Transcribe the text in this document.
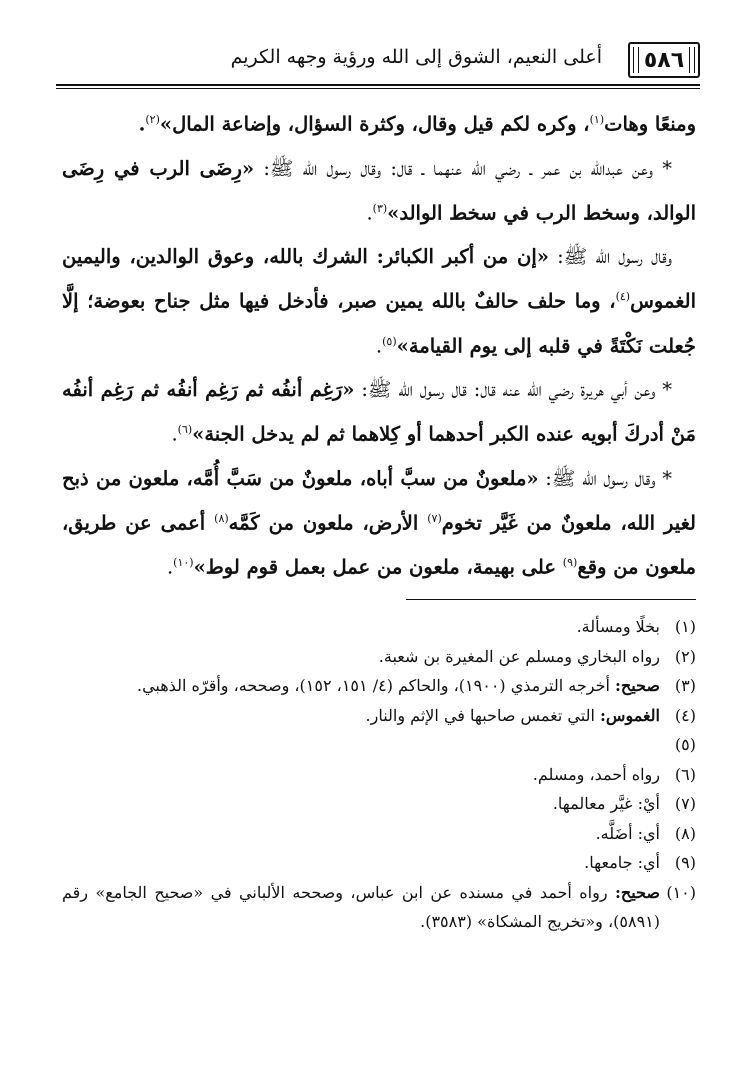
٥٨٦
أعلى النعيم، الشوق إلى الله ورؤية وجهه الكريم

ومنعًا وهات$^{(١)}$، وكره لكم قيل وقال، وكثرة السؤال، وإضاعة المال»$^{(٢)}$.

* وعن عبدالله بن عمر ـ رضي الله عنهما ـ قال: وقال رسول الله ﷺ: «رِضَى الرب في رِضَى الوالد، وسخط الرب في سخط الوالد»$^{(٣)}$.

وقال رسول الله ﷺ: «إن من أكبر الكبائر: الشرك بالله، وعوق الوالدين، واليمين الغموس$^{(٤)}$، وما حلف حالفٌ بالله يمين صبر، فأدخل فيها مثل جناح بعوضة؛ إلَّا جُعلت نَكْتَةً في قلبه إلى يوم القيامة»$^{(٥)}$.

* وعن أبي هريرة رضي الله عنه قال: قال رسول الله ﷺ: «رَغِم أنفُه ثم رَغِم أنفُه ثم رَغِم أنفُه مَنْ أدركَ أبويه عنده الكبر أحدهما أو كِلاهما ثم لم يدخل الجنة»$^{(٦)}$.

* وقال رسول الله ﷺ: «ملعونٌ من سبَّ أباه، ملعونٌ من سَبَّ أُمَّه، ملعون من ذبح لغير الله، ملعونٌ من غَيَّر تخوم$^{(٧)}$ الأرض، ملعون من كَمَّه$^{(٨)}$ أعمى عن طريق، ملعون من وقع$^{(٩)}$ على بهيمة، ملعون من عمل بعمل قوم لوط»$^{(١٠)}$.

(١)
بخلًا ومسألة.
(٢)
رواه البخاري ومسلم عن المغيرة بن شعبة.
(٣)
صحيح: أخرجه الترمذي (١٩٠٠)، والحاكم (٤/ ١٥١، ١٥٢)، وصححه، وأقرّه الذهبي.
(٤)
الغموس: التي تغمس صاحبها في الإثم والنار.
(٥)
(٦)
رواه أحمد، ومسلم.
(٧)
أيْ: غيَّر معالمها.
(٨)
أي: أضَلَّه.
(٩)
أي: جامعها.
(١٠)
صحيح: رواه أحمد في مسنده عن ابن عباس، وصححه الألباني في «صحيح الجامع» رقم (٥٨٩١)، و«تخريج المشكاة» (٣٥٨٣).
